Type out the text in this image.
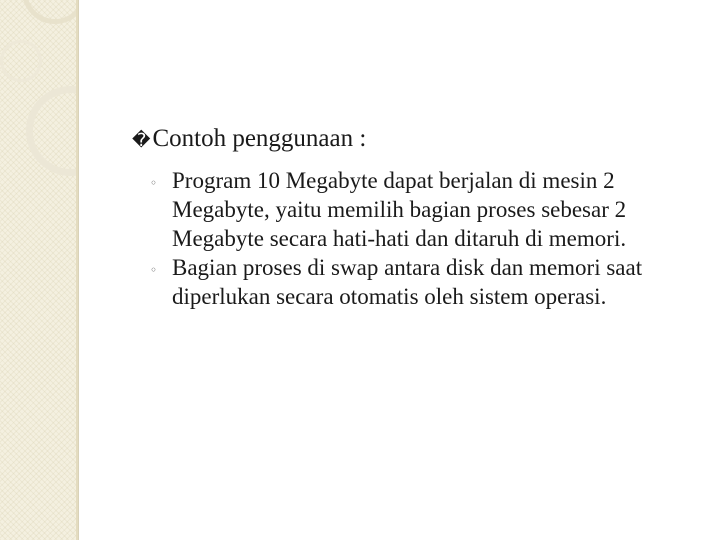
� Contoh penggunaan :
◦ Program 10 Megabyte dapat berjalan di mesin 2 Megabyte, yaitu memilih bagian proses sebesar 2 Megabyte secara hati-hati dan ditaruh di memori.
◦ Bagian proses di swap antara disk dan memori saat diperlukan secara otomatis oleh sistem operasi.
